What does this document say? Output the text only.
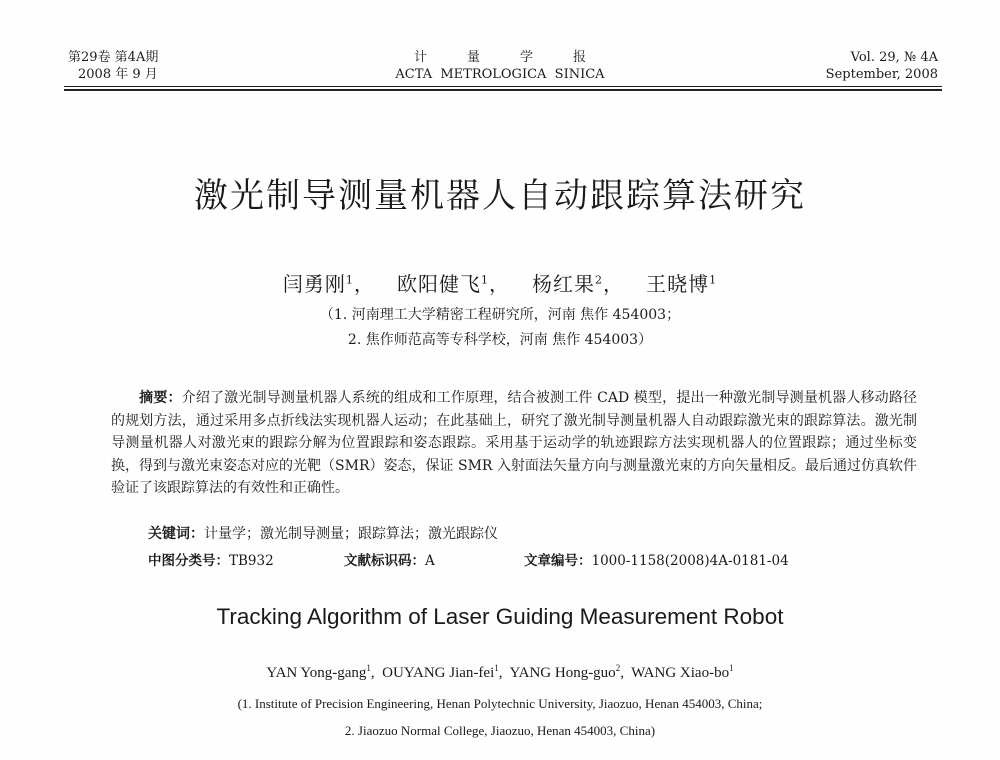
第29卷 第4A期
2008 年 9 月
计量学报
ACTA  METROLOGICA  SINICA
Vol. 29, № 4A
September, 2008
激光制导测量机器人自动跟踪算法研究
闫勇刚$^1$，   欧阳健飞$^1$，   杨红果$^2$，   王晓博$^1$
（1. 河南理工大学精密工程研究所，河南 焦作 454003；
2. 焦作师范高等专科学校，河南 焦作 454003）
摘要：介绍了激光制导测量机器人系统的组成和工作原理，结合被测工件 CAD 模型，提出一种激光制导测量机器人移动路径的规划方法，通过采用多点折线法实现机器人运动；在此基础上，研究了激光制导测量机器人自动跟踪激光束的跟踪算法。激光制导测量机器人对激光束的跟踪分解为位置跟踪和姿态跟踪。采用基于运动学的轨迹跟踪方法实现机器人的位置跟踪；通过坐标变换，得到与激光束姿态对应的光靶（SMR）姿态，保证 SMR 入射面法矢量方向与测量激光束的方向矢量相反。最后通过仿真软件验证了该跟踪算法的有效性和正确性。
关键词：计量学；激光制导测量；跟踪算法；激光跟踪仪
中图分类号：TB932	文献标识码：A	文章编号：1000-1158(2008)4A-0181-04
Tracking Algorithm of Laser Guiding Measurement Robot
YAN Yong-gang$^1$,  OUYANG Jian-fei$^1$,  YANG Hong-guo$^2$,  WANG Xiao-$bo^1$
(1. Institute of Precision Engineering, Henan Polytechnic University, Jiaozuo, Henan 454003, China;
2. Jiaozuo Normal College, Jiaozuo, Henan 454003, China)
